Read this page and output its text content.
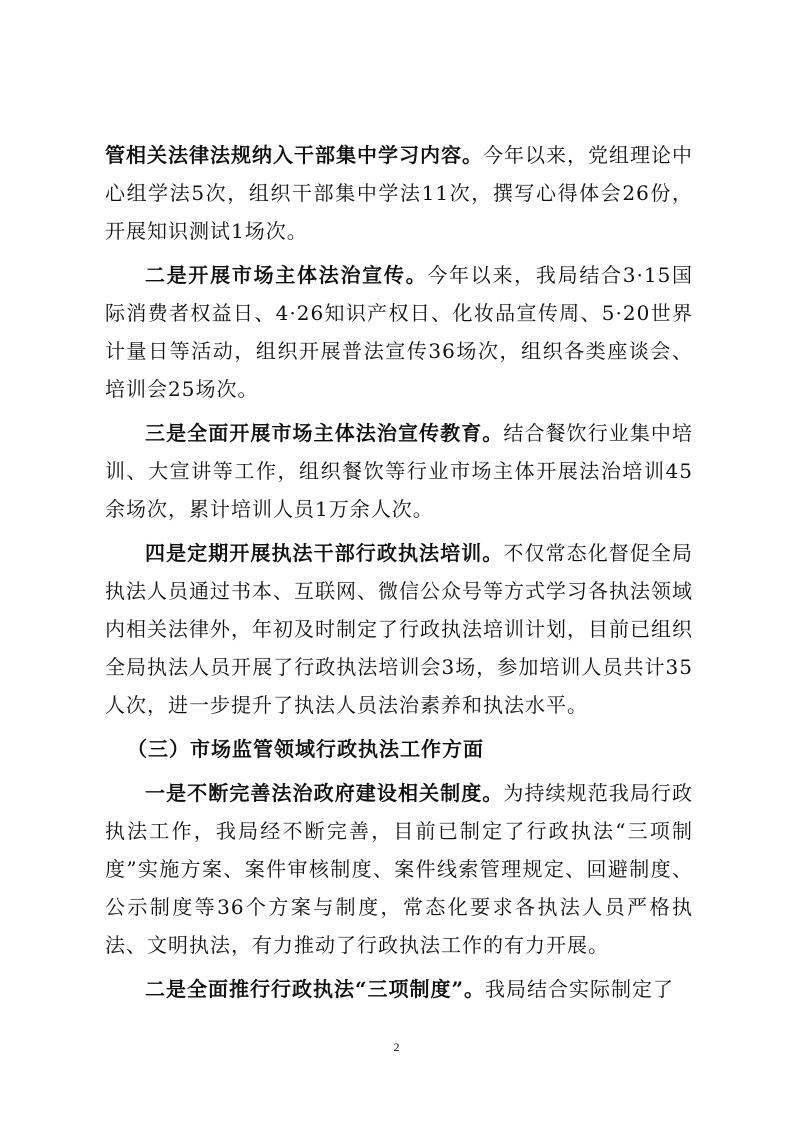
管相关法律法规纳入干部集中学习内容。今年以来，党组理论中心组学法5次，组织干部集中学法11次，撰写心得体会26份，开展知识测试1场次。

二是开展市场主体法治宣传。今年以来，我局结合3·15国际消费者权益日、4·26知识产权日、化妆品宣传周、5·20世界计量日等活动，组织开展普法宣传36场次，组织各类座谈会、培训会25场次。

三是全面开展市场主体法治宣传教育。结合餐饮行业集中培训、大宣讲等工作，组织餐饮等行业市场主体开展法治培训45余场次，累计培训人员1万余人次。

四是定期开展执法干部行政执法培训。不仅常态化督促全局执法人员通过书本、互联网、微信公众号等方式学习各执法领域内相关法律外，年初及时制定了行政执法培训计划，目前已组织全局执法人员开展了行政执法培训会3场，参加培训人员共计35人次，进一步提升了执法人员法治素养和执法水平。

（三）市场监管领域行政执法工作方面

一是不断完善法治政府建设相关制度。为持续规范我局行政执法工作，我局经不断完善，目前已制定了行政执法“三项制度”实施方案、案件审核制度、案件线索管理规定、回避制度、公示制度等36个方案与制度，常态化要求各执法人员严格执法、文明执法，有力推动了行政执法工作的有力开展。

二是全面推行行政执法“三项制度”。我局结合实际制定了

2
